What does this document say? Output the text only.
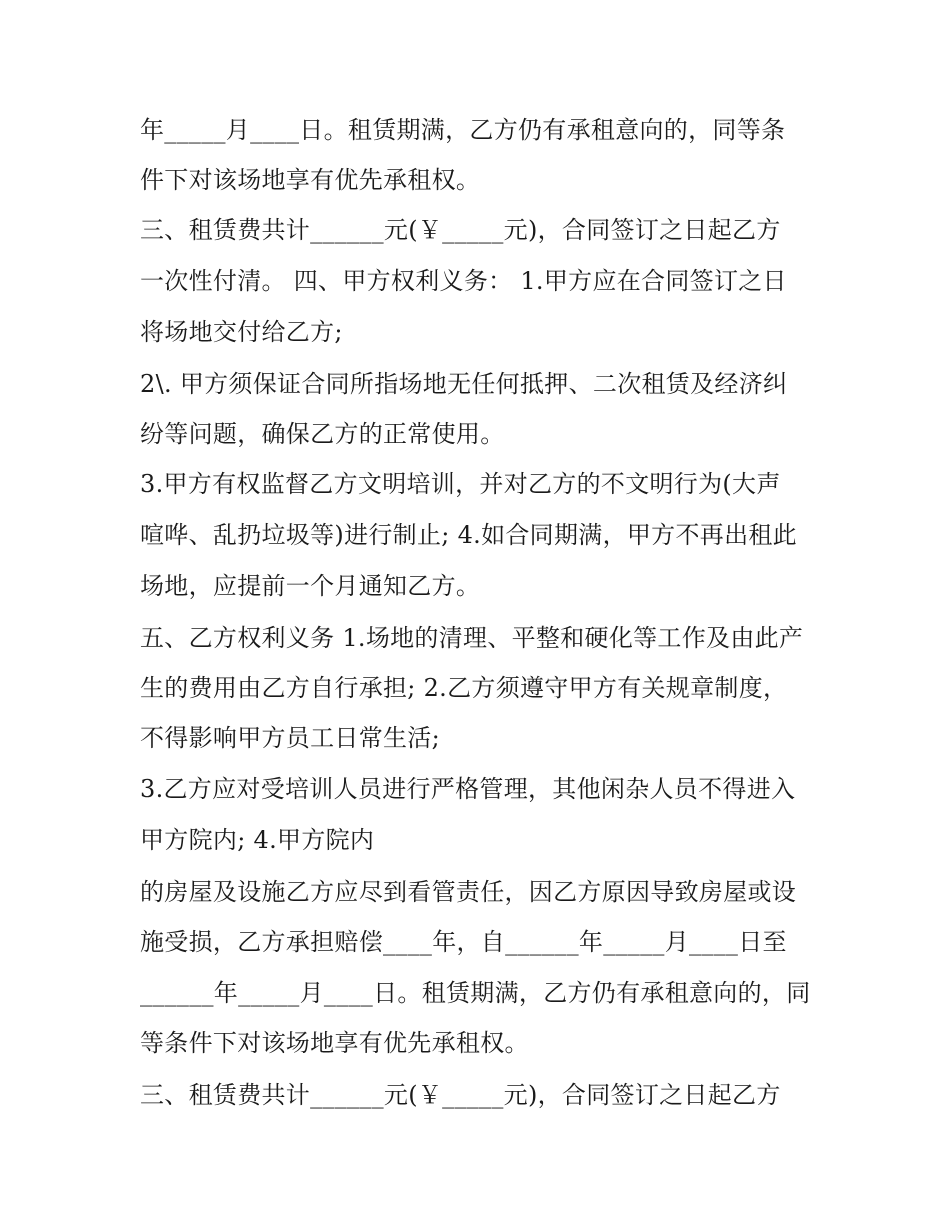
年_____月____日。租赁期满，乙方仍有承租意向的，同等条
件下对该场地享有优先承租权。
三、租赁费共计______元(￥_____元)，合同签订之日起乙方
一次性付清。 四、甲方权利义务： 1.甲方应在合同签订之日
将场地交付给乙方;
2\. 甲方须保证合同所指场地无任何抵押、二次租赁及经济纠
纷等问题，确保乙方的正常使用。
3.甲方有权监督乙方文明培训，并对乙方的不文明行为(大声
喧哗、乱扔垃圾等)进行制止; 4.如合同期满，甲方不再出租此
场地，应提前一个月通知乙方。
五、乙方权利义务 1.场地的清理、平整和硬化等工作及由此产
生的费用由乙方自行承担; 2.乙方须遵守甲方有关规章制度，
不得影响甲方员工日常生活;
3.乙方应对受培训人员进行严格管理，其他闲杂人员不得进入
甲方院内; 4.甲方院内
的房屋及设施乙方应尽到看管责任，因乙方原因导致房屋或设
施受损，乙方承担赔偿____年，自______年_____月____日至
______年_____月____日。租赁期满，乙方仍有承租意向的，同
等条件下对该场地享有优先承租权。
三、租赁费共计______元(￥_____元)，合同签订之日起乙方
